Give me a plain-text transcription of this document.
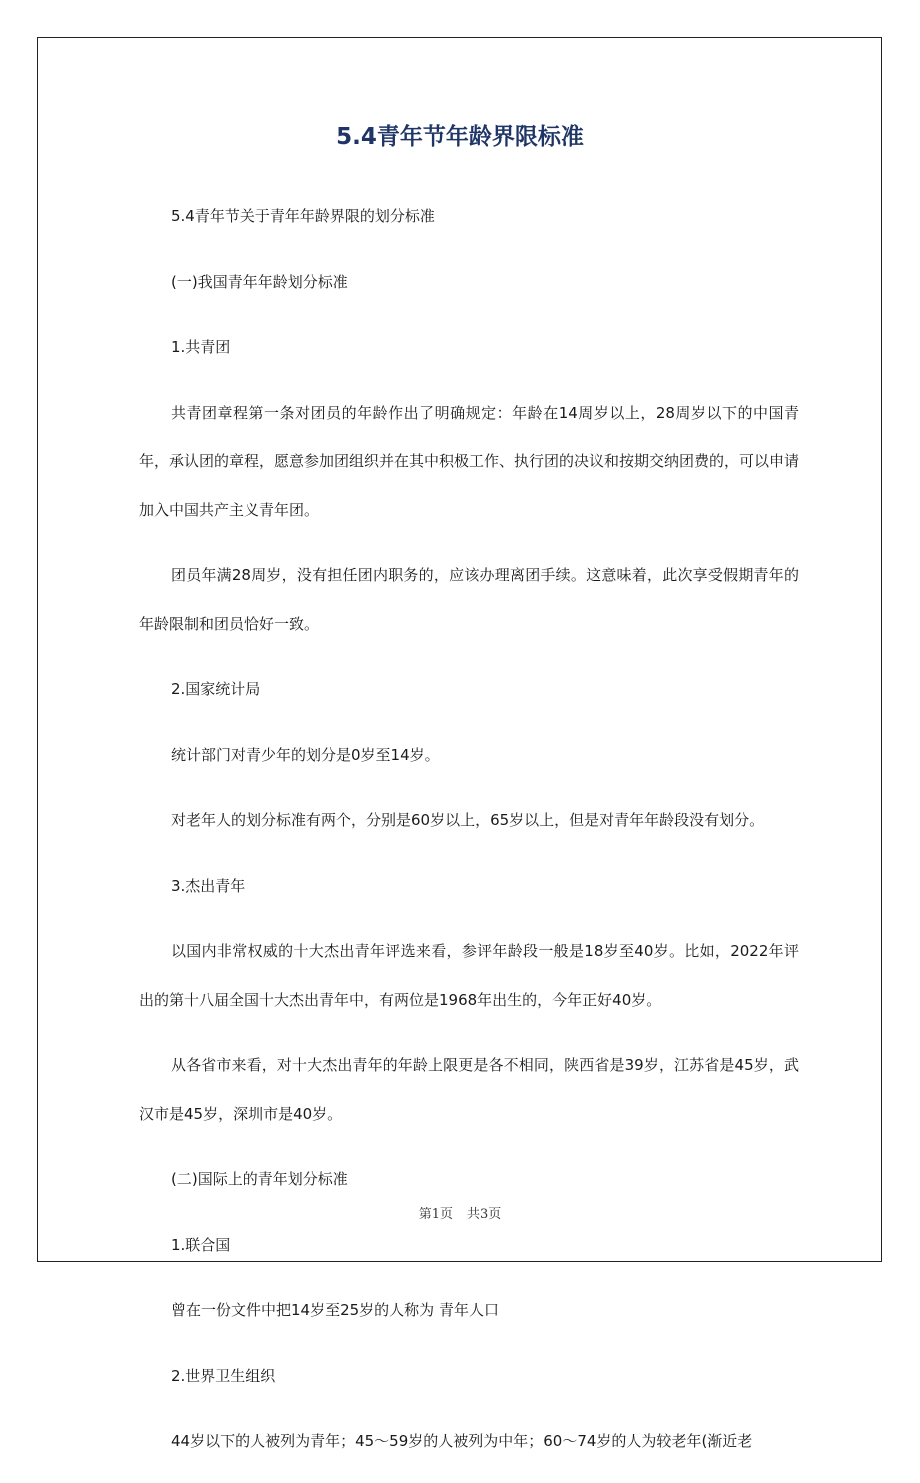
5.4青年节年龄界限标准

5.4青年节关于青年年龄界限的划分标准

(一)我国青年年龄划分标准

1.共青团

共青团章程第一条对团员的年龄作出了明确规定：年龄在14周岁以上，28周岁以下的中国青年，承认团的章程，愿意参加团组织并在其中积极工作、执行团的决议和按期交纳团费的，可以申请加入中国共产主义青年团。

团员年满28周岁，没有担任团内职务的，应该办理离团手续。这意味着，此次享受假期青年的年龄限制和团员恰好一致。

2.国家统计局

统计部门对青少年的划分是0岁至14岁。

对老年人的划分标准有两个，分别是60岁以上，65岁以上，但是对青年年龄段没有划分。

3.杰出青年

以国内非常权威的十大杰出青年评选来看，参评年龄段一般是18岁至40岁。比如，2022年评出的第十八届全国十大杰出青年中，有两位是1968年出生的，今年正好40岁。

从各省市来看，对十大杰出青年的年龄上限更是各不相同，陕西省是39岁，江苏省是45岁，武汉市是45岁，深圳市是40岁。

(二)国际上的青年划分标准

1.联合国

曾在一份文件中把14岁至25岁的人称为 青年人口

2.世界卫生组织

44岁以下的人被列为青年；45～59岁的人被列为中年；60～74岁的人为较老年(渐近老

第1页 共3页
